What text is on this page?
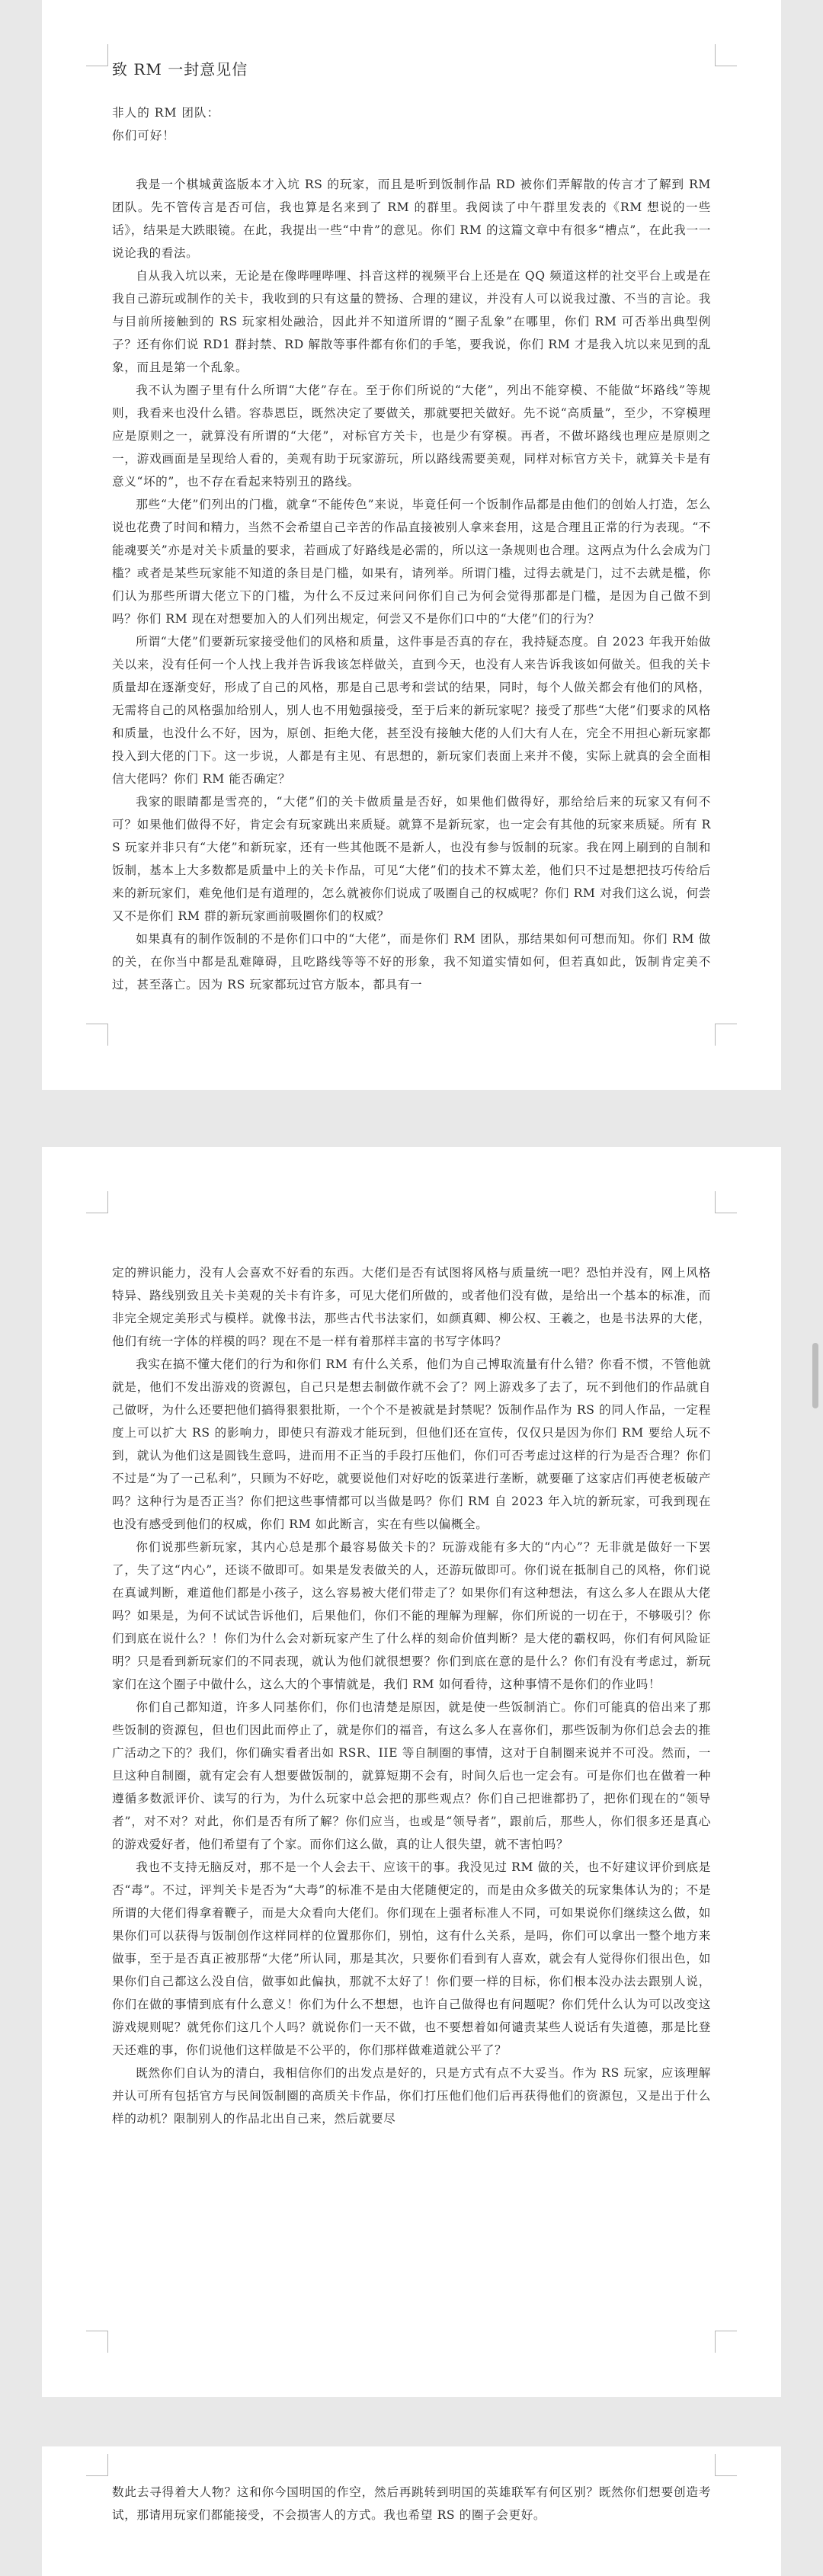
致 RM 一封意见信

非人的 RM 团队：

你们可好！

我是一个棋城黄盗版本才入坑 RS 的玩家，而且是听到饭制作品 RD 被你们弄解散的传言才了解到 RM 团队。先不管传言是否可信，我也算是名来到了 RM 的群里。我阅读了中午群里发表的《RM 想说的一些话》，结果是大跌眼镜。在此，我提出一些“中肯”的意见。你们 RM 的这篇文章中有很多“槽点”，在此我一一说论我的看法。

自从我入坑以来，无论是在像哔哩哔哩、抖音这样的视频平台上还是在 QQ 频道这样的社交平台上或是在我自己游玩或制作的关卡，我收到的只有这量的赞扬、合理的建议，并没有人可以说我过激、不当的言论。我与目前所接触到的 RS 玩家相处融洽，因此并不知道所谓的“圈子乱象”在哪里，你们 RM 可否举出典型例子？还有你们说 RD1 群封禁、RD 解散等事件都有你们的手笔，要我说，你们 RM 才是我入坑以来见到的乱象，而且是第一个乱象。

我不认为圈子里有什么所谓“大佬”存在。至于你们所说的“大佬”，列出不能穿模、不能做“坏路线”等规则，我看来也没什么错。容恭恩臣，既然决定了要做关，那就要把关做好。先不说“高质量”，至少，不穿模理应是原则之一，就算没有所谓的“大佬”，对标官方关卡，也是少有穿模。再者，不做坏路线也理应是原则之一，游戏画面是呈现给人看的，美观有助于玩家游玩，所以路线需要美观，同样对标官方关卡，就算关卡是有意义“坏的”，也不存在看起来特别丑的路线。

那些“大佬”们列出的门槛，就拿“不能传色”来说，毕竟任何一个饭制作品都是由他们的创始人打造，怎么说也花费了时间和精力，当然不会希望自己辛苦的作品直接被别人拿来套用，这是合理且正常的行为表现。“不能魂要关”亦是对关卡质量的要求，若画成了好路线是必需的，所以这一条规则也合理。这两点为什么会成为门槛？或者是某些玩家能不知道的条目是门槛，如果有，请列举。所谓门槛，过得去就是门，过不去就是槛，你们认为那些所谓大佬立下的门槛，为什么不反过来问问你们自己为何会觉得那都是门槛，是因为自己做不到吗？你们 RM 现在对想要加入的人们列出规定，何尝又不是你们口中的“大佬”们的行为？

所谓“大佬”们要新玩家接受他们的风格和质量，这件事是否真的存在，我持疑态度。自 2023 年我开始做关以来，没有任何一个人找上我并告诉我该怎样做关，直到今天，也没有人来告诉我该如何做关。但我的关卡质量却在逐渐变好，形成了自己的风格，那是自己思考和尝试的结果，同时，每个人做关都会有他们的风格，无需将自己的风格强加给别人，别人也不用勉强接受，至于后来的新玩家呢？接受了那些“大佬”们要求的风格和质量，也没什么不好，因为，原创、拒绝大佬，甚至没有接触大佬的人们大有人在，完全不用担心新玩家都投入到大佬的门下。这一步说，人都是有主见、有思想的，新玩家们表面上来并不傻，实际上就真的会全面相信大佬吗？你们 RM 能否确定？

我家的眼睛都是雪亮的，“大佬”们的关卡做质量是否好，如果他们做得好，那给给后来的玩家又有何不可？如果他们做得不好，肯定会有玩家跳出来质疑。就算不是新玩家，也一定会有其他的玩家来质疑。所有 RS 玩家并非只有“大佬”和新玩家，还有一些其他既不是新人，也没有参与饭制的玩家。我在网上刷到的自制和饭制，基本上大多数都是质量中上的关卡作品，可见“大佬”们的技术不算太差，他们只不过是想把技巧传给后来的新玩家们，难免他们是有道理的，怎么就被你们说成了吸圈自己的权威呢？你们 RM 对我们这么说，何尝又不是你们 RM 群的新玩家画前吸圈你们的权威？

如果真有的制作饭制的不是你们口中的“大佬”，而是你们 RM 团队，那结果如何可想而知。你们 RM 做的关，在你当中都是乱难障碍，且吃路线等等不好的形象，我不知道实情如何，但若真如此，饭制肯定美不过，甚至落亡。因为 RS 玩家都玩过官方版本，都具有一

定的辨识能力，没有人会喜欢不好看的东西。大佬们是否有试图将风格与质量统一吧？恐怕并没有，网上风格特异、路线别致且关卡美观的关卡有许多，可见大佬们所做的，或者他们没有做，是给出一个基本的标准，而非完全规定美形式与模样。就像书法，那些古代书法家们，如颜真卿、柳公权、王羲之，也是书法界的大佬，他们有统一字体的样模的吗？现在不是一样有着那样丰富的书写字体吗？

我实在搞不懂大佬们的行为和你们 RM 有什么关系，他们为自己博取流量有什么错？你看不惯，不管他就就是，他们不发出游戏的资源包，自己只是想去制做作就不会了？网上游戏多了去了，玩不到他们的作品就自己做呀，为什么还要把他们搞得狠狠批斯，一个个不是被就是封禁呢？饭制作品作为 RS 的同人作品，一定程度上可以扩大 RS 的影响力，即使只有游戏才能玩到，但他们还在宣传，仅仅只是因为你们 RM 要给人玩不到，就认为他们这是圆钱生意吗，进而用不正当的手段打压他们，你们可否考虑过这样的行为是否合理？你们不过是“为了一己私利”，只顾为不好吃，就要说他们对好吃的饭菜进行垄断，就要砸了这家店们再使老板破产吗？这种行为是否正当？你们把这些事情都可以当做是吗？你们 RM 自 2023 年入坑的新玩家，可我到现在也没有感受到他们的权威，你们 RM 如此断言，实在有些以偏概全。

你们说那些新玩家，其内心总是那个最容易做关卡的？玩游戏能有多大的“内心”？无非就是做好一下罢了，失了这“内心”，还谈不做即可。如果是发表做关的人，还游玩做即可。你们说在抵制自己的风格，你们说在真诚判断，难道他们都是小孩子，这么容易被大佬们带走了？如果你们有这种想法，有这么多人在跟从大佬吗？如果是，为何不试试告诉他们，后果他们，你们不能的理解为理解，你们所说的一切在于，不够吸引？你们到底在说什么？！你们为什么会对新玩家产生了什么样的刻命价值判断？是大佬的霸权吗，你们有何风险证明？只是看到新玩家们的不同表现，就认为他们就很想要？你们到底在意的是什么？你们有没有考虑过，新玩家们在这个圈子中做什么，这么大的个事情就是，我们 RM 如何看待，这种事情不是你们的作业吗！

你们自己都知道，许多人同基你们，你们也清楚是原因，就是使一些饭制消亡。你们可能真的倍出来了那些饭制的资源包，但也们因此而停止了，就是你们的福音，有这么多人在喜你们，那些饭制为你们总会去的推广活动之下的？我们，你们确实看者出如 RSR、IIE 等自制圈的事情，这对于自制圈来说并不可没。然而，一旦这种自制圈，就有定会有人想要做饭制的，就算短期不会有，时间久后也一定会有。可是你们也在做着一种遵循多数派评价、读写的行为，为什么玩家中总会把的那些观点？你们自己把谁都扔了，把你们现在的“领导者”，对不对？对此，你们是否有所了解？你们应当，也或是“领导者”，跟前后，那些人，你们很多还是真心的游戏爱好者，他们希望有了个家。而你们这么做，真的让人很失望，就不害怕吗？

我也不支持无脑反对，那不是一个人会去干、应该干的事。我没见过 RM 做的关，也不好建议评价到底是否“毒”。不过，评判关卡是否为“大毒”的标准不是由大佬随便定的，而是由众多做关的玩家集体认为的；不是所谓的大佬们得拿着鞭子，而是大众看向大佬们。你们现在上强者标准人不同，可如果说你们继续这么做，如果你们可以获得与饭制创作这样同样的位置那你们，别怕，这有什么关系，是吗，你们可以拿出一整个地方来做事，至于是否真正被那帮“大佬”所认同，那是其次，只要你们看到有人喜欢，就会有人觉得你们很出色，如果你们自己都这么没自信，做事如此偏执，那就不太好了！你们要一样的目标，你们根本没办法去跟别人说，你们在做的事情到底有什么意义！你们为什么不想想，也许自己做得也有问题呢？你们凭什么认为可以改变这游戏规则呢？就凭你们这几个人吗？就说你们一天不做，也不要想着如何谴责某些人说话有失道德，那是比登天还难的事，你们说他们这样做是不公平的，你们那样做难道就公平了？

既然你们自认为的清白，我相信你们的出发点是好的，只是方式有点不大妥当。作为 RS 玩家，应该理解并认可所有包括官方与民间饭制圈的高质关卡作品，你们打压他们他们后再获得他们的资源包，又是出于什么样的动机？限制别人的作品北出自己来，然后就要尽

数此去寻得着大人物？这和你今国明国的作空，然后再跳转到明国的英雄联军有何区别？既然你们想要创造考试，那请用玩家们都能接受，不会损害人的方式。我也希望 RS 的圈子会更好。
